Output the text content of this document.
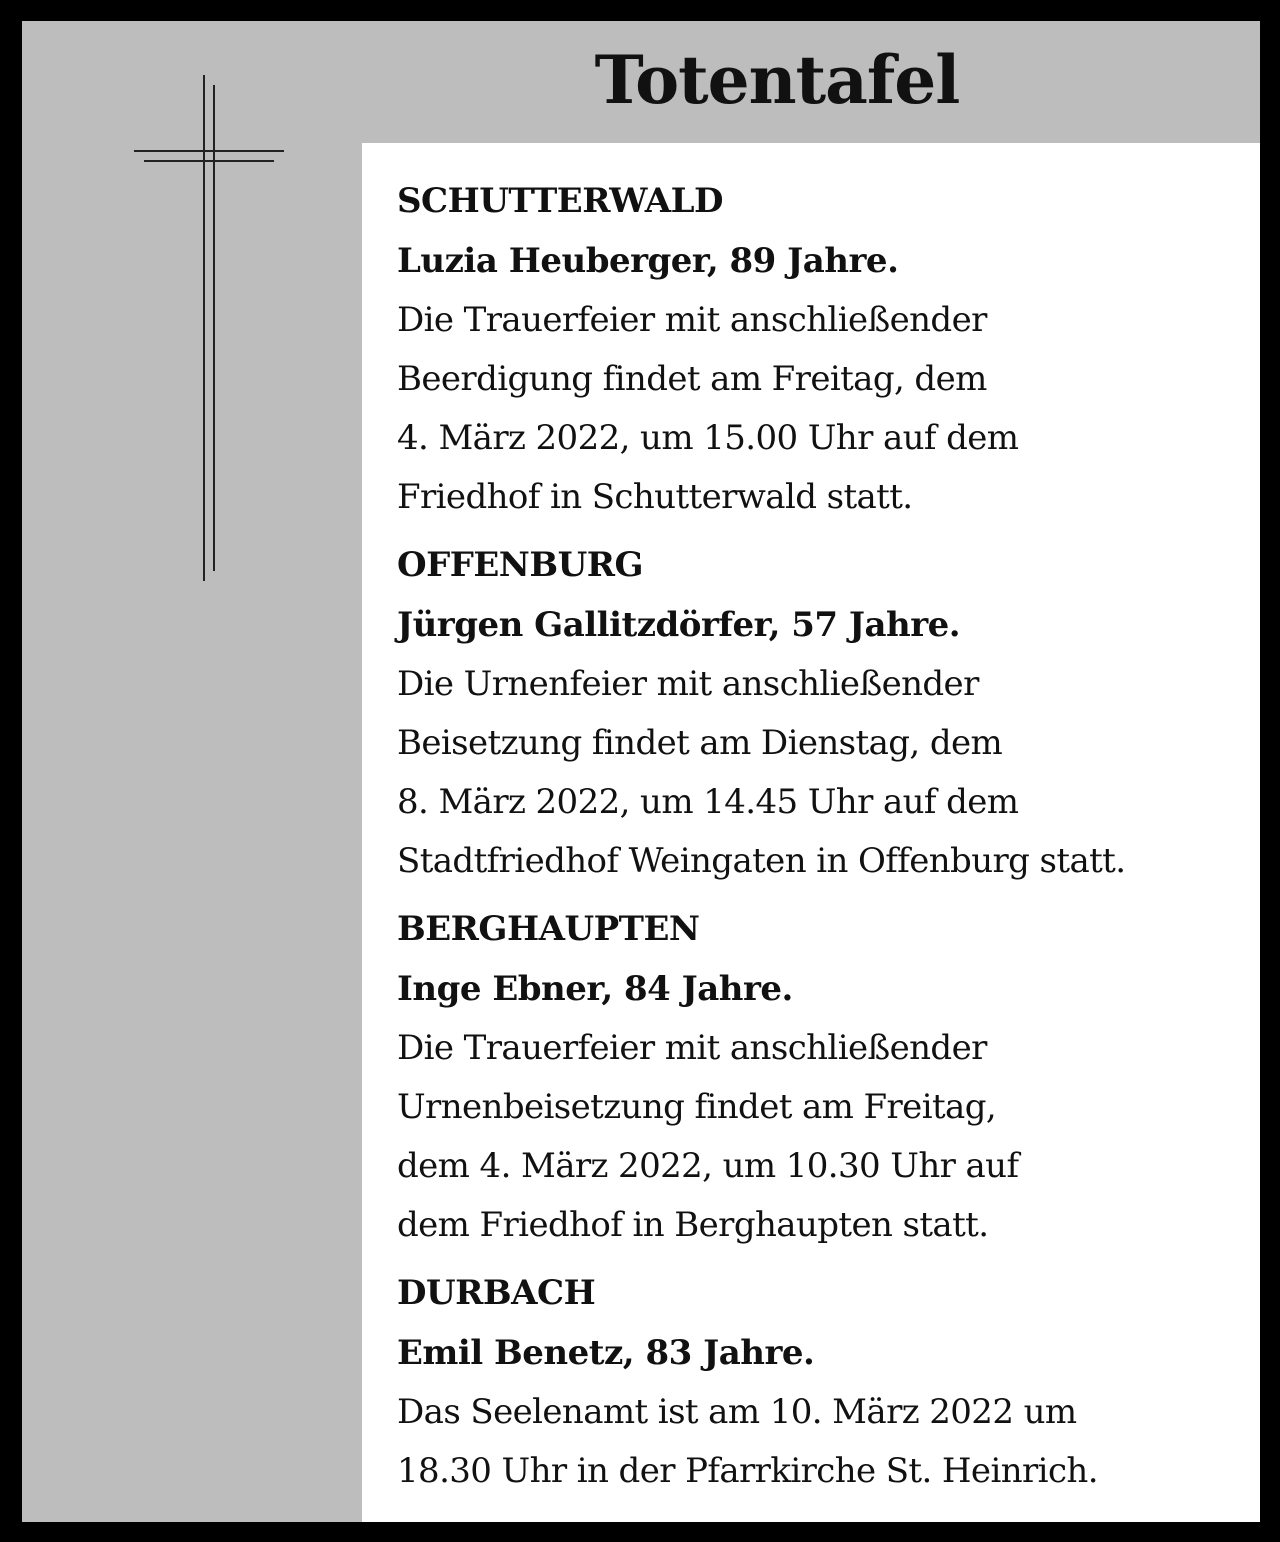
Totentafel
SCHUTTERWALD
Luzia Heuberger, 89 Jahre.
Die Trauerfeier mit anschließender
Beerdigung findet am Freitag, dem
4. März 2022, um 15.00 Uhr auf dem
Friedhof in Schutterwald statt.
OFFENBURG
Jürgen Gallitzdörfer, 57 Jahre.
Die Urnenfeier mit anschließender
Beisetzung findet am Dienstag, dem
8. März 2022, um 14.45 Uhr auf dem
Stadtfriedhof Weingaten in Offenburg statt.
BERGHAUPTEN
Inge Ebner, 84 Jahre.
Die Trauerfeier mit anschließender
Urnenbeisetzung findet am Freitag,
dem 4. März 2022, um 10.30 Uhr auf
dem Friedhof in Berghaupten statt.
DURBACH
Emil Benetz, 83 Jahre.
Das Seelenamt ist am 10. März 2022 um
18.30 Uhr in der Pfarrkirche St. Heinrich.
